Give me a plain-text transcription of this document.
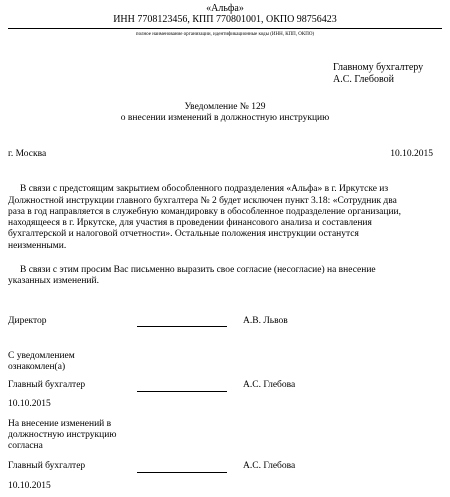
«Альфа»
ИНН 7708123456, КПП 770801001, ОКПО 98756423
полное наименование организации, идентификационные коды (ИНН, КПП, ОКПО)
Главному бухгалтеру
А.С. Глебовой
Уведомление № 129
о внесении изменений в должностную инструкцию
г. Москва	10.10.2015
В связи с предстоящим закрытием обособленного подразделения «Альфа» в г. Иркутске из
Должностной инструкции главного бухгалтера № 2 будет исключен пункт 3.18: «Сотрудник два
раза в год направляется в служебную командировку в обособленное подразделение организации,
находящееся в г. Иркутске, для участия в проведении финансового анализа и составления
бухгалтерской и налоговой отчетности». Остальные положения инструкции останутся
неизменными.
В связи с этим просим Вас письменно выразить свое согласие (несогласие) на внесение
указанных изменений.
Директор	А.В. Львов
С уведомлением
ознакомлен(а)
Главный бухгалтер	А.С. Глебова
10.10.2015
На внесение изменений в
должностную инструкцию
согласна
Главный бухгалтер	А.С. Глебова
10.10.2015
